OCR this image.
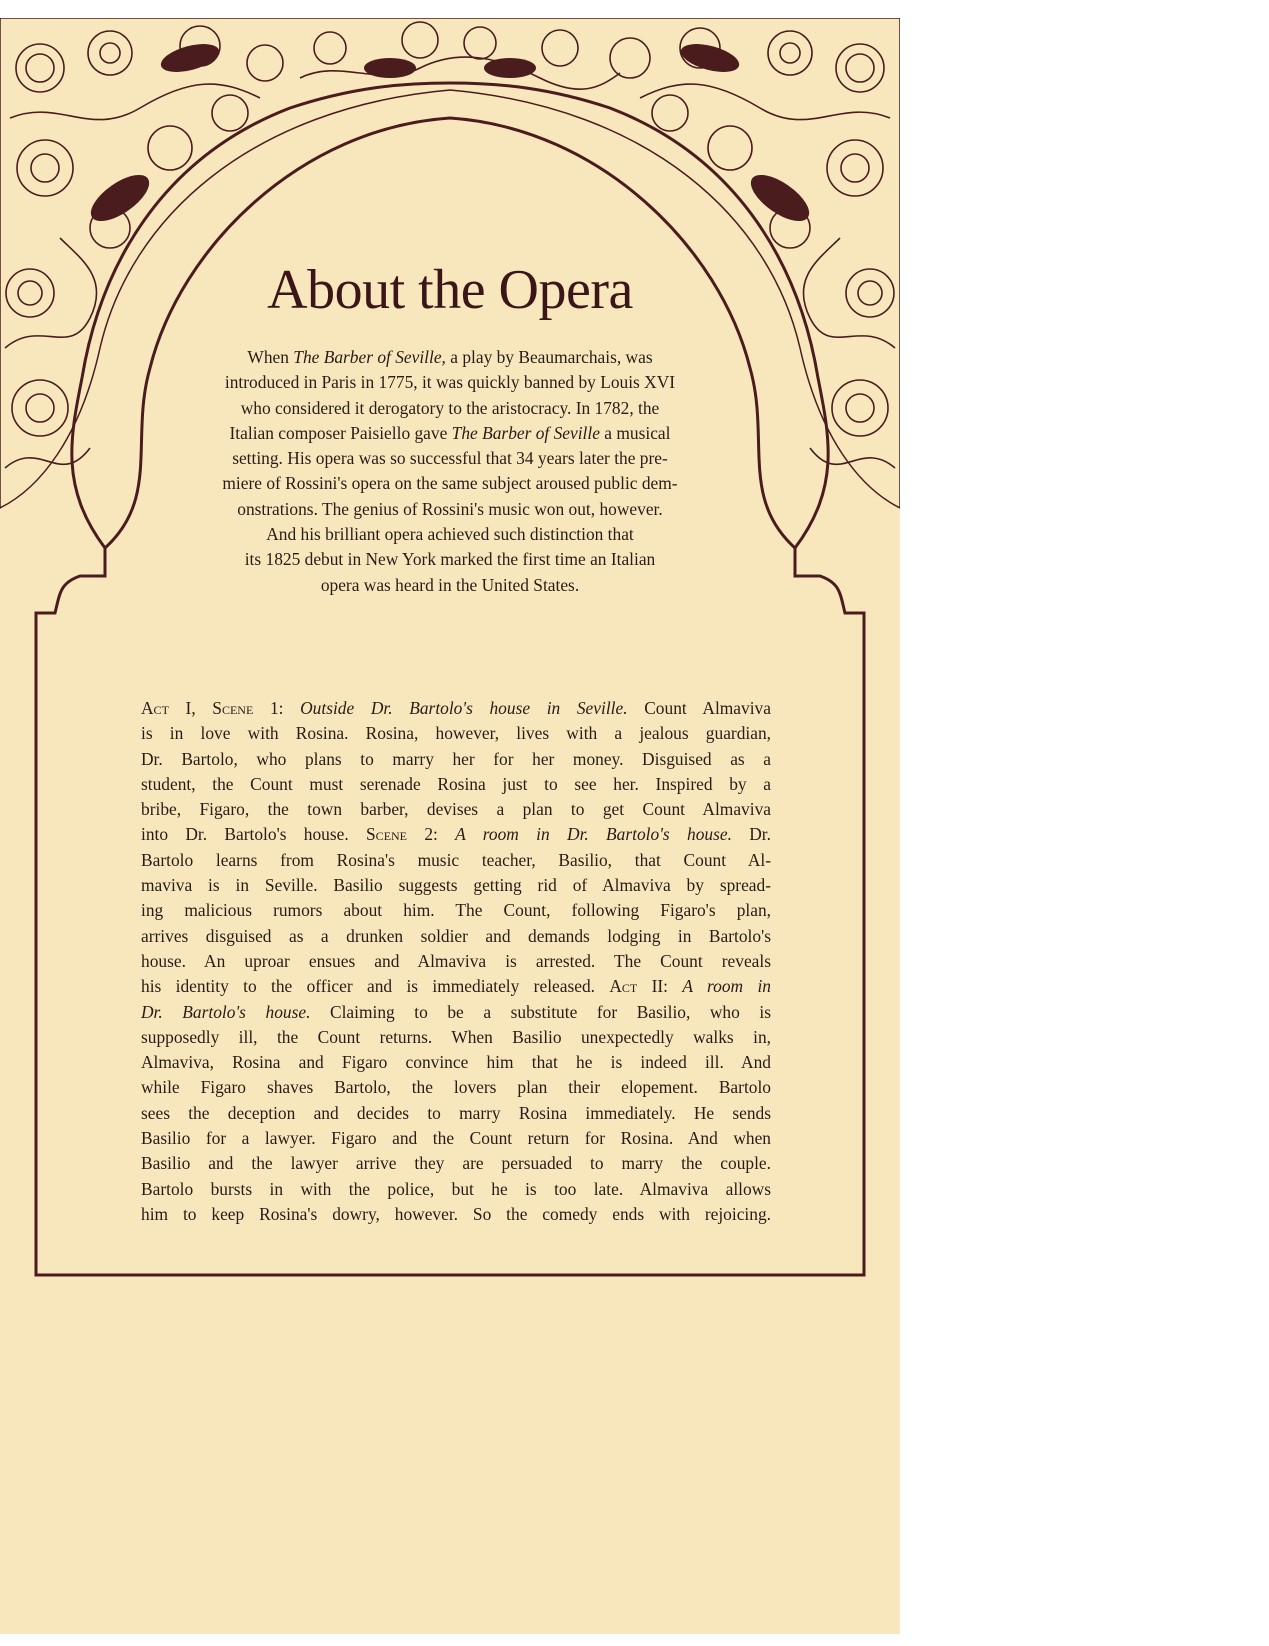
About the Opera
When The Barber of Seville, a play by Beaumarchais, was
introduced in Paris in 1775, it was quickly banned by Louis XVI
who considered it derogatory to the aristocracy. In 1782, the
Italian composer Paisiello gave The Barber of Seville a musical
setting. His opera was so successful that 34 years later the pre-
miere of Rossini's opera on the same subject aroused public dem-
onstrations. The genius of Rossini's music won out, however.
And his brilliant opera achieved such distinction that
its 1825 debut in New York marked the first time an Italian
opera was heard in the United States.
Act I, Scene 1: Outside Dr. Bartolo's house in Seville. Count Almaviva
is in love with Rosina. Rosina, however, lives with a jealous guardian,
Dr. Bartolo, who plans to marry her for her money. Disguised as a
student, the Count must serenade Rosina just to see her. Inspired by a
bribe, Figaro, the town barber, devises a plan to get Count Almaviva
into Dr. Bartolo's house. Scene 2: A room in Dr. Bartolo's house. Dr.
Bartolo learns from Rosina's music teacher, Basilio, that Count Al-
maviva is in Seville. Basilio suggests getting rid of Almaviva by spread-
ing malicious rumors about him. The Count, following Figaro's plan,
arrives disguised as a drunken soldier and demands lodging in Bartolo's
house. An uproar ensues and Almaviva is arrested. The Count reveals
his identity to the officer and is immediately released. Act II: A room in
Dr. Bartolo's house. Claiming to be a substitute for Basilio, who is
supposedly ill, the Count returns. When Basilio unexpectedly walks in,
Almaviva, Rosina and Figaro convince him that he is indeed ill. And
while Figaro shaves Bartolo, the lovers plan their elopement. Bartolo
sees the deception and decides to marry Rosina immediately. He sends
Basilio for a lawyer. Figaro and the Count return for Rosina. And when
Basilio and the lawyer arrive they are persuaded to marry the couple.
Bartolo bursts in with the police, but he is too late. Almaviva allows
him to keep Rosina's dowry, however. So the comedy ends with rejoicing.
